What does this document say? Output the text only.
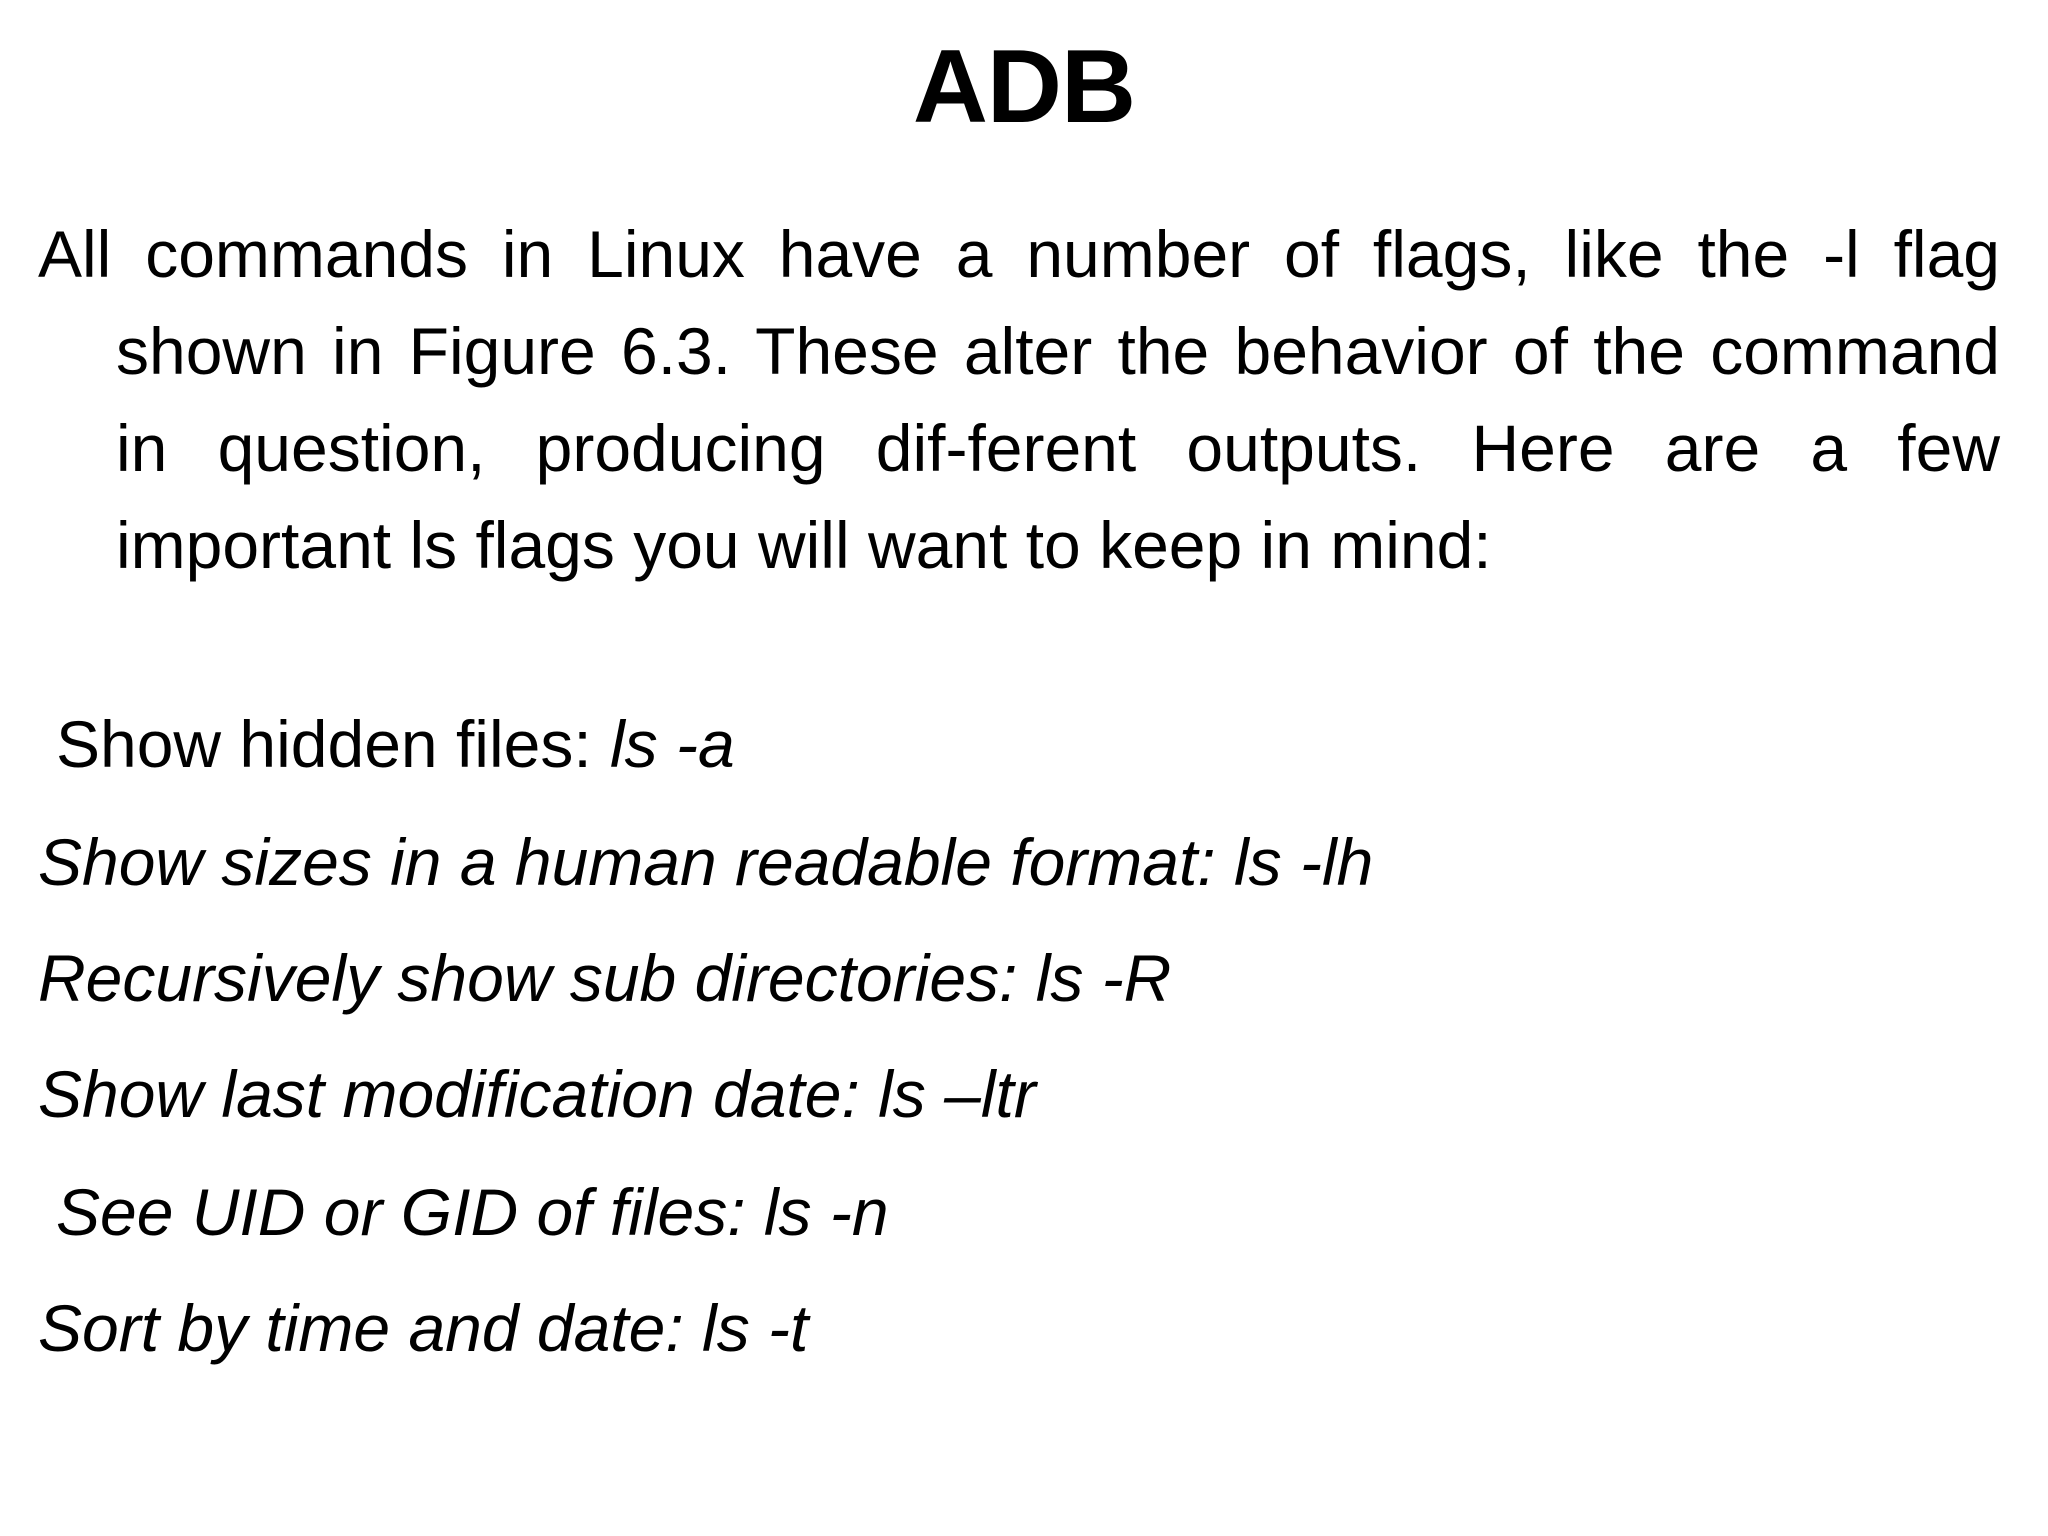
ADB

All commands in Linux have a number of flags, like the -l flag shown in Figure 6.3. These alter the behavior of the command in question, producing dif-ferent outputs. Here are a few important ls flags you will want to keep in mind:

Show hidden files: ls -a
Show sizes in a human readable format: ls -lh
Recursively show sub directories: ls -R
Show last modification date: ls –ltr
See UID or GID of files: ls -n
Sort by time and date: ls -t
